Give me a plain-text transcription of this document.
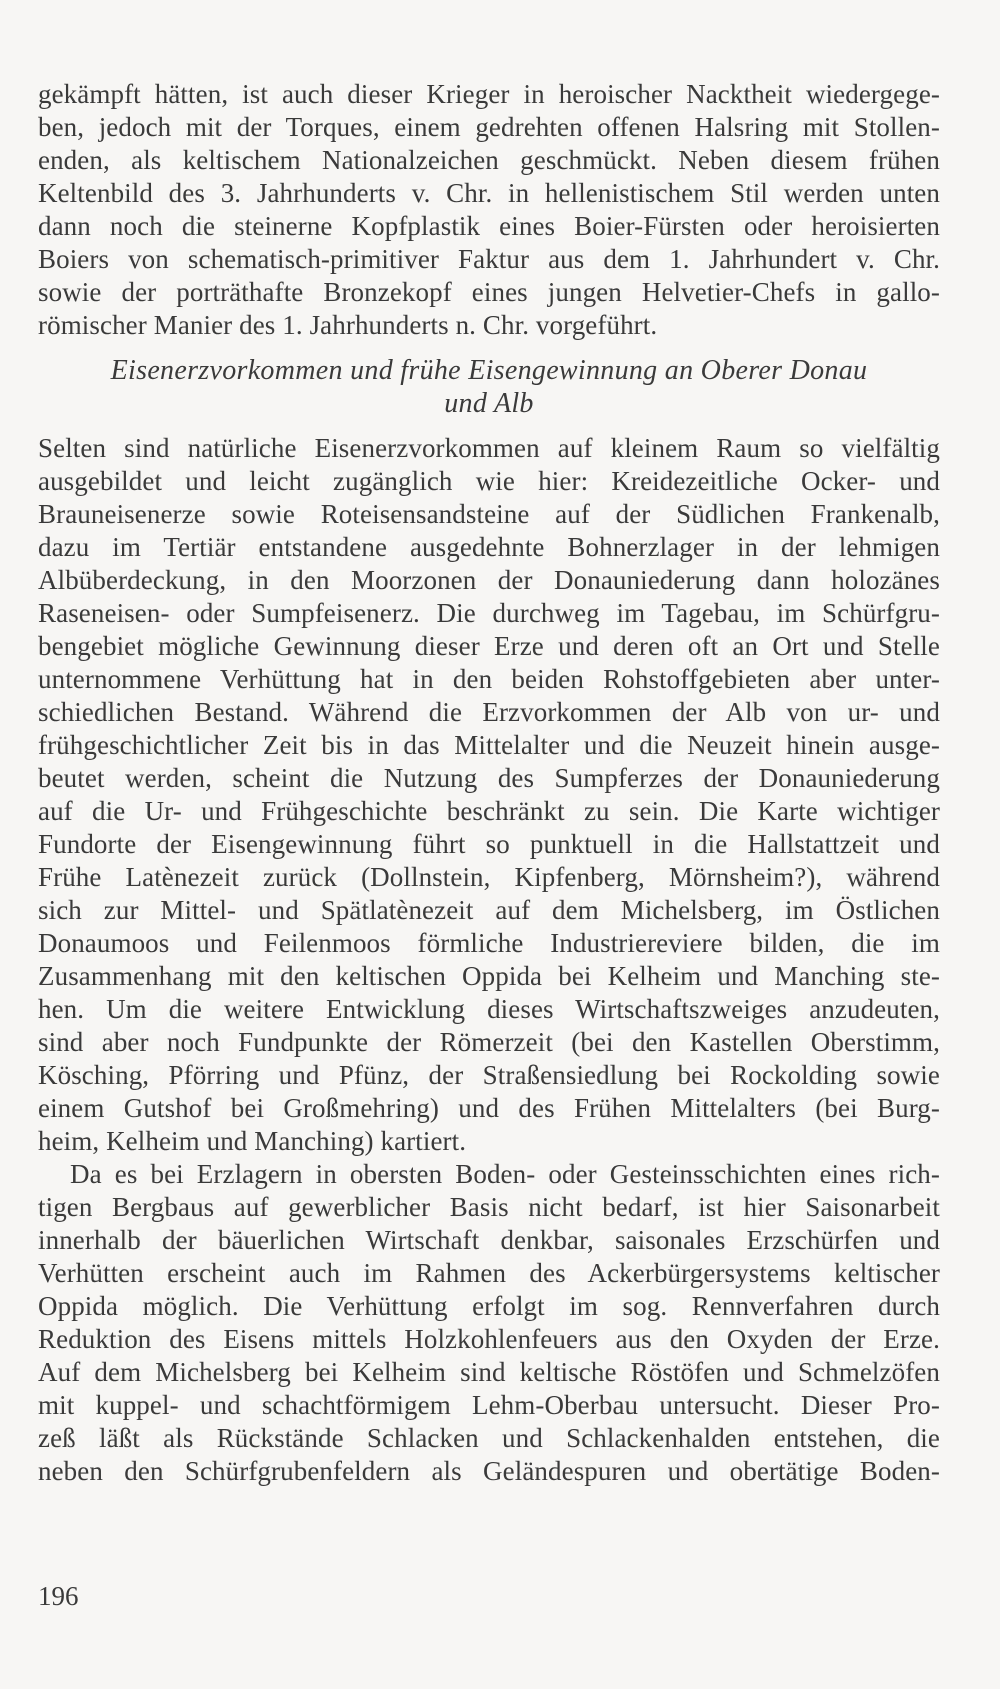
gekämpft hätten, ist auch dieser Krieger in heroischer Nacktheit wiedergege-
ben, jedoch mit der Torques, einem gedrehten offenen Halsring mit Stollen-
enden, als keltischem Nationalzeichen geschmückt. Neben diesem frühen
Keltenbild des 3. Jahrhunderts v. Chr. in hellenistischem Stil werden unten
dann noch die steinerne Kopfplastik eines Boier-Fürsten oder heroisierten
Boiers von schematisch-primitiver Faktur aus dem 1. Jahrhundert v. Chr.
sowie der porträthafte Bronzekopf eines jungen Helvetier-Chefs in gallo-
römischer Manier des 1. Jahrhunderts n. Chr. vorgeführt.
Eisenerzvorkommen und frühe Eisengewinnung an Oberer Donau
und Alb
Selten sind natürliche Eisenerzvorkommen auf kleinem Raum so vielfältig
ausgebildet und leicht zugänglich wie hier: Kreidezeitliche Ocker- und
Brauneisenerze sowie Roteisensandsteine auf der Südlichen Frankenalb,
dazu im Tertiär entstandene ausgedehnte Bohnerzlager in der lehmigen
Albüberdeckung, in den Moorzonen der Donauniederung dann holozänes
Raseneisen- oder Sumpfeisenerz. Die durchweg im Tagebau, im Schürfgru-
bengebiet mögliche Gewinnung dieser Erze und deren oft an Ort und Stelle
unternommene Verhüttung hat in den beiden Rohstoffgebieten aber unter-
schiedlichen Bestand. Während die Erzvorkommen der Alb von ur- und
frühgeschichtlicher Zeit bis in das Mittelalter und die Neuzeit hinein ausge-
beutet werden, scheint die Nutzung des Sumpferzes der Donauniederung
auf die Ur- und Frühgeschichte beschränkt zu sein. Die Karte wichtiger
Fundorte der Eisengewinnung führt so punktuell in die Hallstattzeit und
Frühe Latènezeit zurück (Dollnstein, Kipfenberg, Mörnsheim?), während
sich zur Mittel- und Spätlatènezeit auf dem Michelsberg, im Östlichen
Donaumoos und Feilenmoos förmliche Industriereviere bilden, die im
Zusammenhang mit den keltischen Oppida bei Kelheim und Manching ste-
hen. Um die weitere Entwicklung dieses Wirtschaftszweiges anzudeuten,
sind aber noch Fundpunkte der Römerzeit (bei den Kastellen Oberstimm,
Kösching, Pförring und Pfünz, der Straßensiedlung bei Rockolding sowie
einem Gutshof bei Großmehring) und des Frühen Mittelalters (bei Burg-
heim, Kelheim und Manching) kartiert.
Da es bei Erzlagern in obersten Boden- oder Gesteinsschichten eines rich-
tigen Bergbaus auf gewerblicher Basis nicht bedarf, ist hier Saisonarbeit
innerhalb der bäuerlichen Wirtschaft denkbar, saisonales Erzschürfen und
Verhütten erscheint auch im Rahmen des Ackerbürgersystems keltischer
Oppida möglich. Die Verhüttung erfolgt im sog. Rennverfahren durch
Reduktion des Eisens mittels Holzkohlenfeuers aus den Oxyden der Erze.
Auf dem Michelsberg bei Kelheim sind keltische Röstöfen und Schmelzöfen
mit kuppel- und schachtförmigem Lehm-Oberbau untersucht. Dieser Pro-
zeß läßt als Rückstände Schlacken und Schlackenhalden entstehen, die
neben den Schürfgrubenfeldern als Geländespuren und obertätige Boden-
196
